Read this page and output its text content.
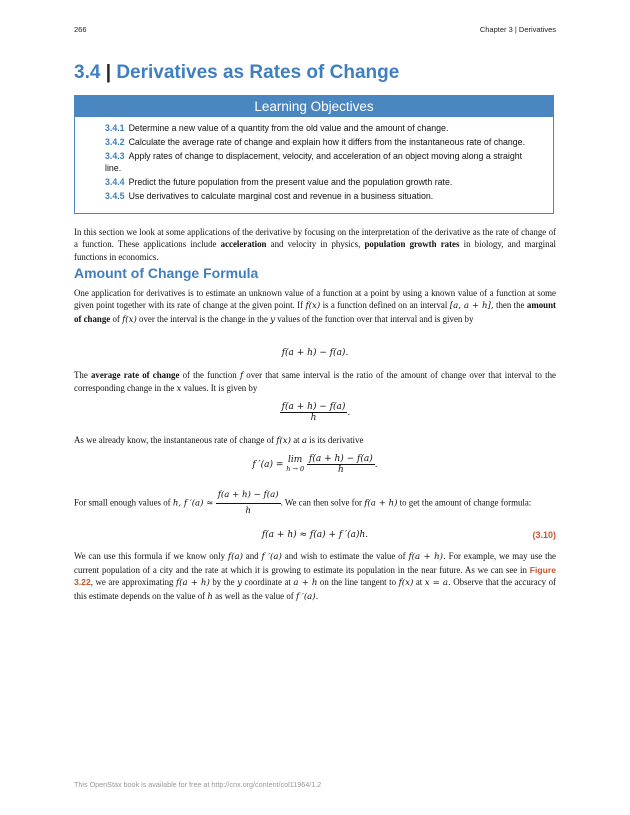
266	Chapter 3 | Derivatives
3.4 | Derivatives as Rates of Change
Learning Objectives
3.4.1 Determine a new value of a quantity from the old value and the amount of change.
3.4.2 Calculate the average rate of change and explain how it differs from the instantaneous rate of change.
3.4.3 Apply rates of change to displacement, velocity, and acceleration of an object moving along a straight line.
3.4.4 Predict the future population from the present value and the population growth rate.
3.4.5 Use derivatives to calculate marginal cost and revenue in a business situation.
In this section we look at some applications of the derivative by focusing on the interpretation of the derivative as the rate of change of a function. These applications include acceleration and velocity in physics, population growth rates in biology, and marginal functions in economics.
Amount of Change Formula
One application for derivatives is to estimate an unknown value of a function at a point by using a known value of a function at some given point together with its rate of change at the given point. If f(x) is a function defined on an interval [a, a + h], then the amount of change of f(x) over the interval is the change in the y values of the function over that interval and is given by
f(a + h) − f(a).
The average rate of change of the function f over that same interval is the ratio of the amount of change over that interval to the corresponding change in the x values. It is given by
$\frac{f(a + h) - f(a)}{h}$ .
As we already know, the instantaneous rate of change of f(x) at a is its derivative
f ′(a) = lim
h → 0
$\frac{f(a + h) - f(a)}{h}$ .
For small enough values of h, f $'(a) \approx \frac{f(a + h) - f(a)}{h}$ . We can then solve for f(a + h) to get the amount of change formula:
f(a + h) ≈ f(a) + f ′(a)h.	(3.10)
We can use this formula if we know only f(a) and f ′(a) and wish to estimate the value of f(a + h). For example, we may use the current population of a city and the rate at which it is growing to estimate its population in the near future. As we can see in Figure 3.22, we are approximating f(a + h) by the y coordinate at a + h on the line tangent to f(x) at x = a. Observe that the accuracy of this estimate depends on the value of h as well as the value of f ′(a).
This OpenStax book is available for free at http://cnx.org/content/col11964/1.2
